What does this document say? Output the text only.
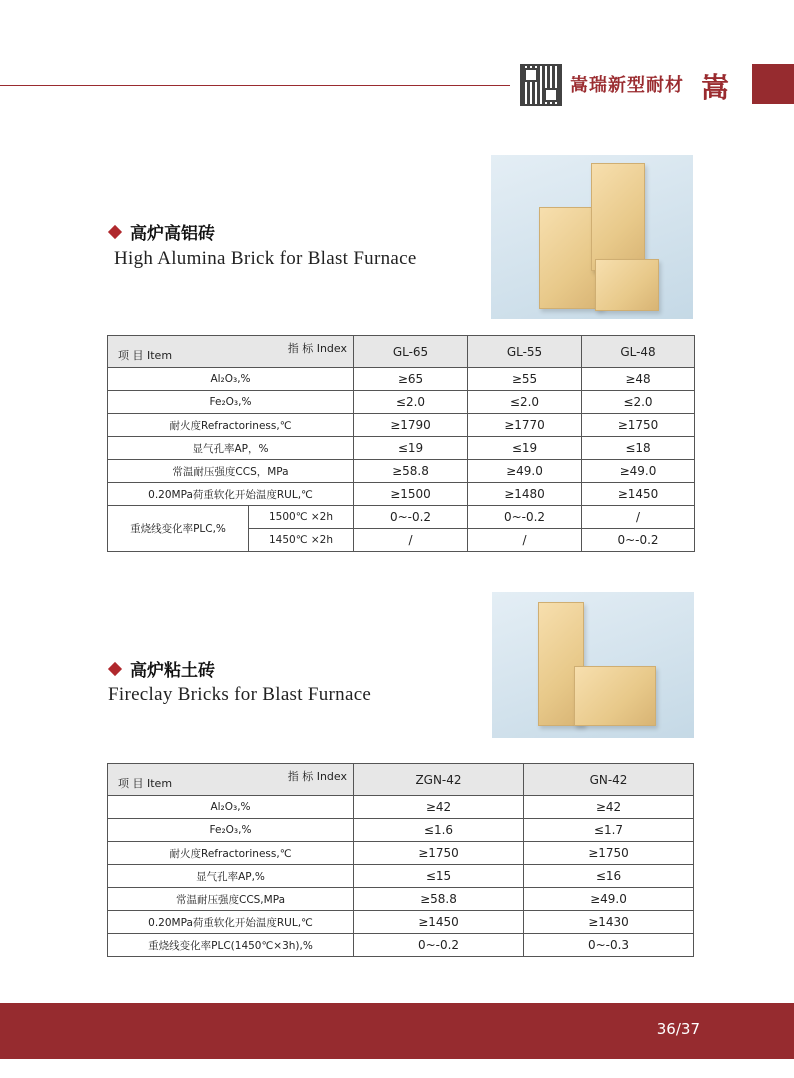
嵩瑞新型耐材 嵩
高炉高铝砖
High Alumina Brick for Blast Furnace
指 标 Index
项 目 Item		GL-65	GL-55	GL-48
Al₂O₃,%		≥65	≥55	≥48
Fe₂O₃,%		≤2.0	≤2.0	≤2.0
耐火度Refractoriness,℃		≥1790	≥1770	≥1750
显气孔率AP，%		≤19	≤19	≤18
常温耐压强度CCS，MPa		≥58.8	≥49.0	≥49.0
0.20MPa荷重软化开始温度RUL,℃		≥1500	≥1480	≥1450
重烧线变化率PLC,%	1500℃ ×2h	0~-0.2	0~-0.2	/
	1450℃ ×2h	/	/	0~-0.2
高炉粘土砖
Fireclay Bricks for Blast Furnace
指 标 Index
项 目 Item	ZGN-42	GN-42
Al₂O₃,%	≥42	≥42
Fe₂O₃,%	≤1.6	≤1.7
耐火度Refractoriness,℃	≥1750	≥1750
显气孔率AP,%	≤15	≤16
常温耐压强度CCS,MPa	≥58.8	≥49.0
0.20MPa荷重软化开始温度RUL,℃	≥1450	≥1430
重烧线变化率PLC(1450℃×3h),%	0~-0.2	0~-0.3
36/37
